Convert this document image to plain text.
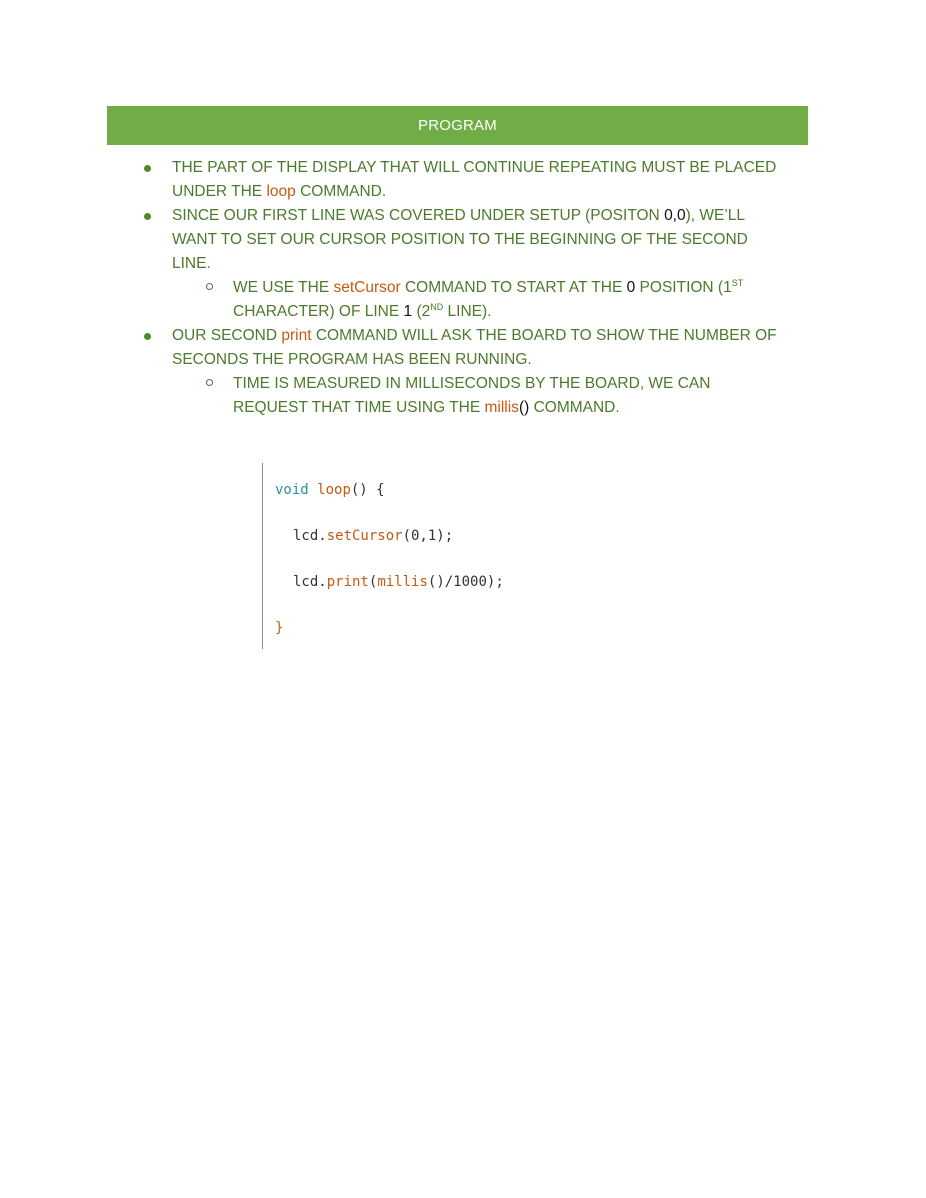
PROGRAM
THE PART OF THE DISPLAY THAT WILL CONTINUE REPEATING MUST BE PLACED UNDER THE loop COMMAND.
SINCE OUR FIRST LINE WAS COVERED UNDER SETUP (POSITON 0,0), WE’LL WANT TO SET OUR CURSOR POSITION TO THE BEGINNING OF THE SECOND LINE.
WE USE THE setCursor COMMAND TO START AT THE 0 POSITION (1ST CHARACTER) OF LINE 1 (2ND LINE).
OUR SECOND print COMMAND WILL ASK THE BOARD TO SHOW THE NUMBER OF SECONDS THE PROGRAM HAS BEEN RUNNING.
TIME IS MEASURED IN MILLISECONDS BY THE BOARD, WE CAN REQUEST THAT TIME USING THE millis() COMMAND.
void loop() {
lcd.setCursor(0,1);
lcd.print(millis()/1000);
}
